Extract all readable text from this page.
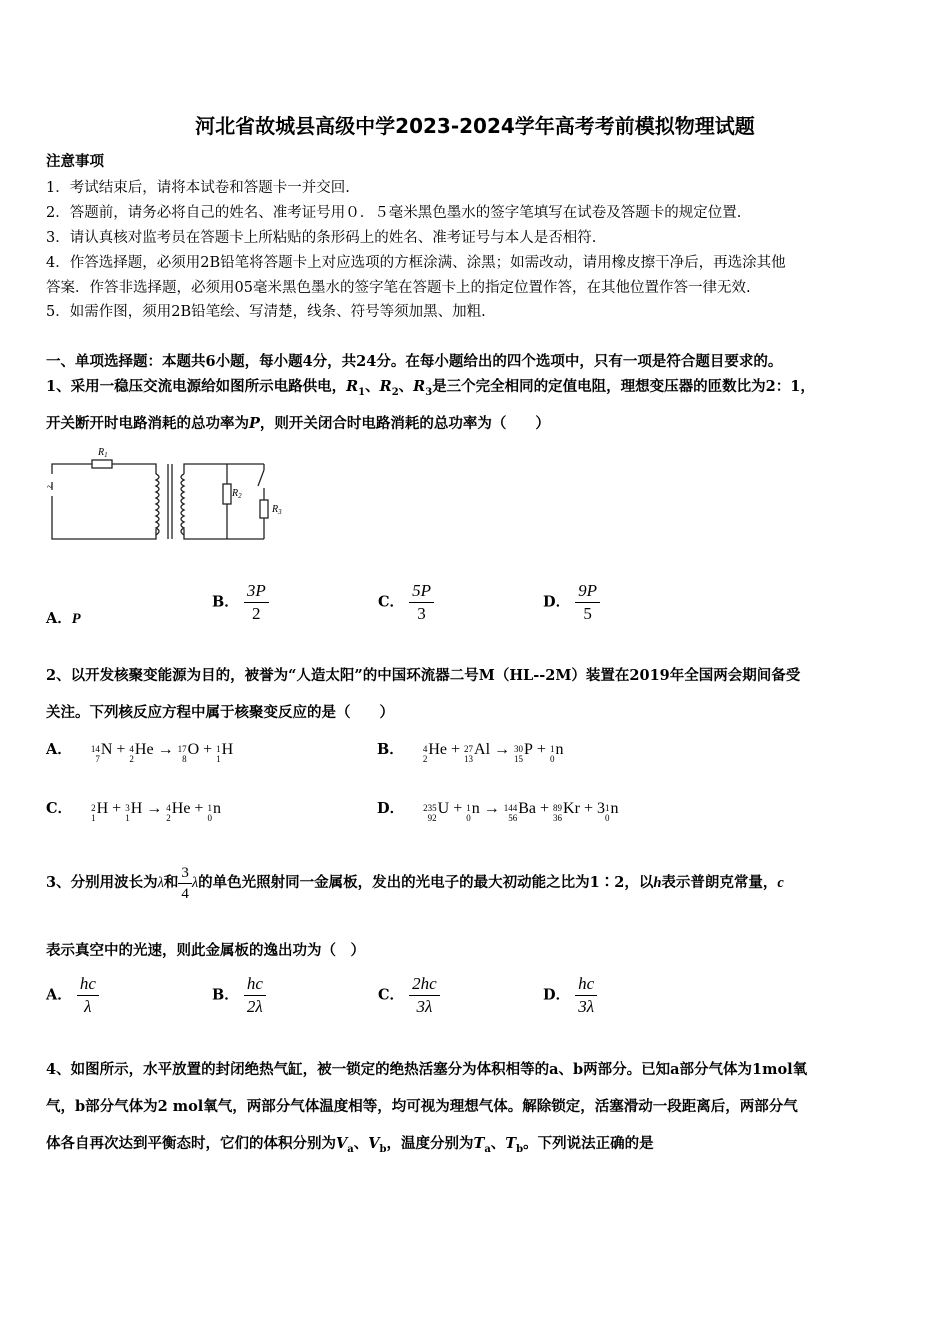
河北省故城县高级中学2023-2024学年高考考前模拟物理试题
注意事项
1．考试结束后，请将本试卷和答题卡一并交回.
2．答题前，请务必将自己的姓名、准考证号用０．５毫米黑色墨水的签字笔填写在试卷及答题卡的规定位置.
3．请认真核对监考员在答题卡上所粘贴的条形码上的姓名、准考证号与本人是否相符.
4．作答选择题，必须用2B铅笔将答题卡上对应选项的方框涂满、涂黑；如需改动，请用橡皮擦干净后，再选涂其他
答案．作答非选择题，必须用05毫米黑色墨水的签字笔在答题卡上的指定位置作答，在其他位置作答一律无效.
5．如需作图，须用2B铅笔绘、写清楚，线条、符号等须加黑、加粗.
一、单项选择题：本题共6小题，每小题4分，共24分。在每小题给出的四个选项中，只有一项是符合题目要求的。
1、采用一稳压交流电源给如图所示电路供电，$R_1$、$R_2$、$R_3$是三个完全相同的定值电阻，理想变压器的匝数比为2：1，
开关断开时电路消耗的总功率为P，则开关闭合时电路消耗的总功率为（　　）
~
$R_1$
$R_2$
$R_3$
A．P
B． $\frac{3P}{2}$	C． $\frac{5P}{3}$	D． $\frac{9P}{5}$
2、以开发核聚变能源为目的，被誉为“人造太阳”的中国环流器二号M（HL--2M）装置在2019年全国两会期间备受
关注。下列核反应方程中属于核聚变反应的是（　　）
A． 14
7
N + 4
2
He → 17
8
O + 1
1
H	B． 4
2
He + 27
13
Al → 30
15
P + 1
0
n
C． 2
1
H + 3
1
H → 4
2
He + 1
0
n	D． 235
92
U + 1
0
n → 144
56
Ba + 89
36
Kr + 3 1
0
n
3、分别用波长为λ和 $\frac{3}{4}$ λ的单色光照射同一金属板，发出的光电子的最大初动能之比为1∶2，以h表示普朗克常量，c
表示真空中的光速，则此金属板的逸出功为（　）
A． $\frac{hc}{\lambda}$	B． $\frac{hc}{2\lambda}$	C． $\frac{2hc}{3\lambda}$	D． $\frac{hc}{3\lambda}$
4、如图所示，水平放置的封闭绝热气缸，被一锁定的绝热活塞分为体积相等的a、b两部分。已知a部分气体为1mol氧
气，b部分气体为2 mol氧气，两部分气体温度相等，均可视为理想气体。解除锁定，活塞滑动一段距离后，两部分气
体各自再次达到平衡态时，它们的体积分别为$V_a$、$V_b$，温度分别为$T_a$、$T_b$。下列说法正确的是
